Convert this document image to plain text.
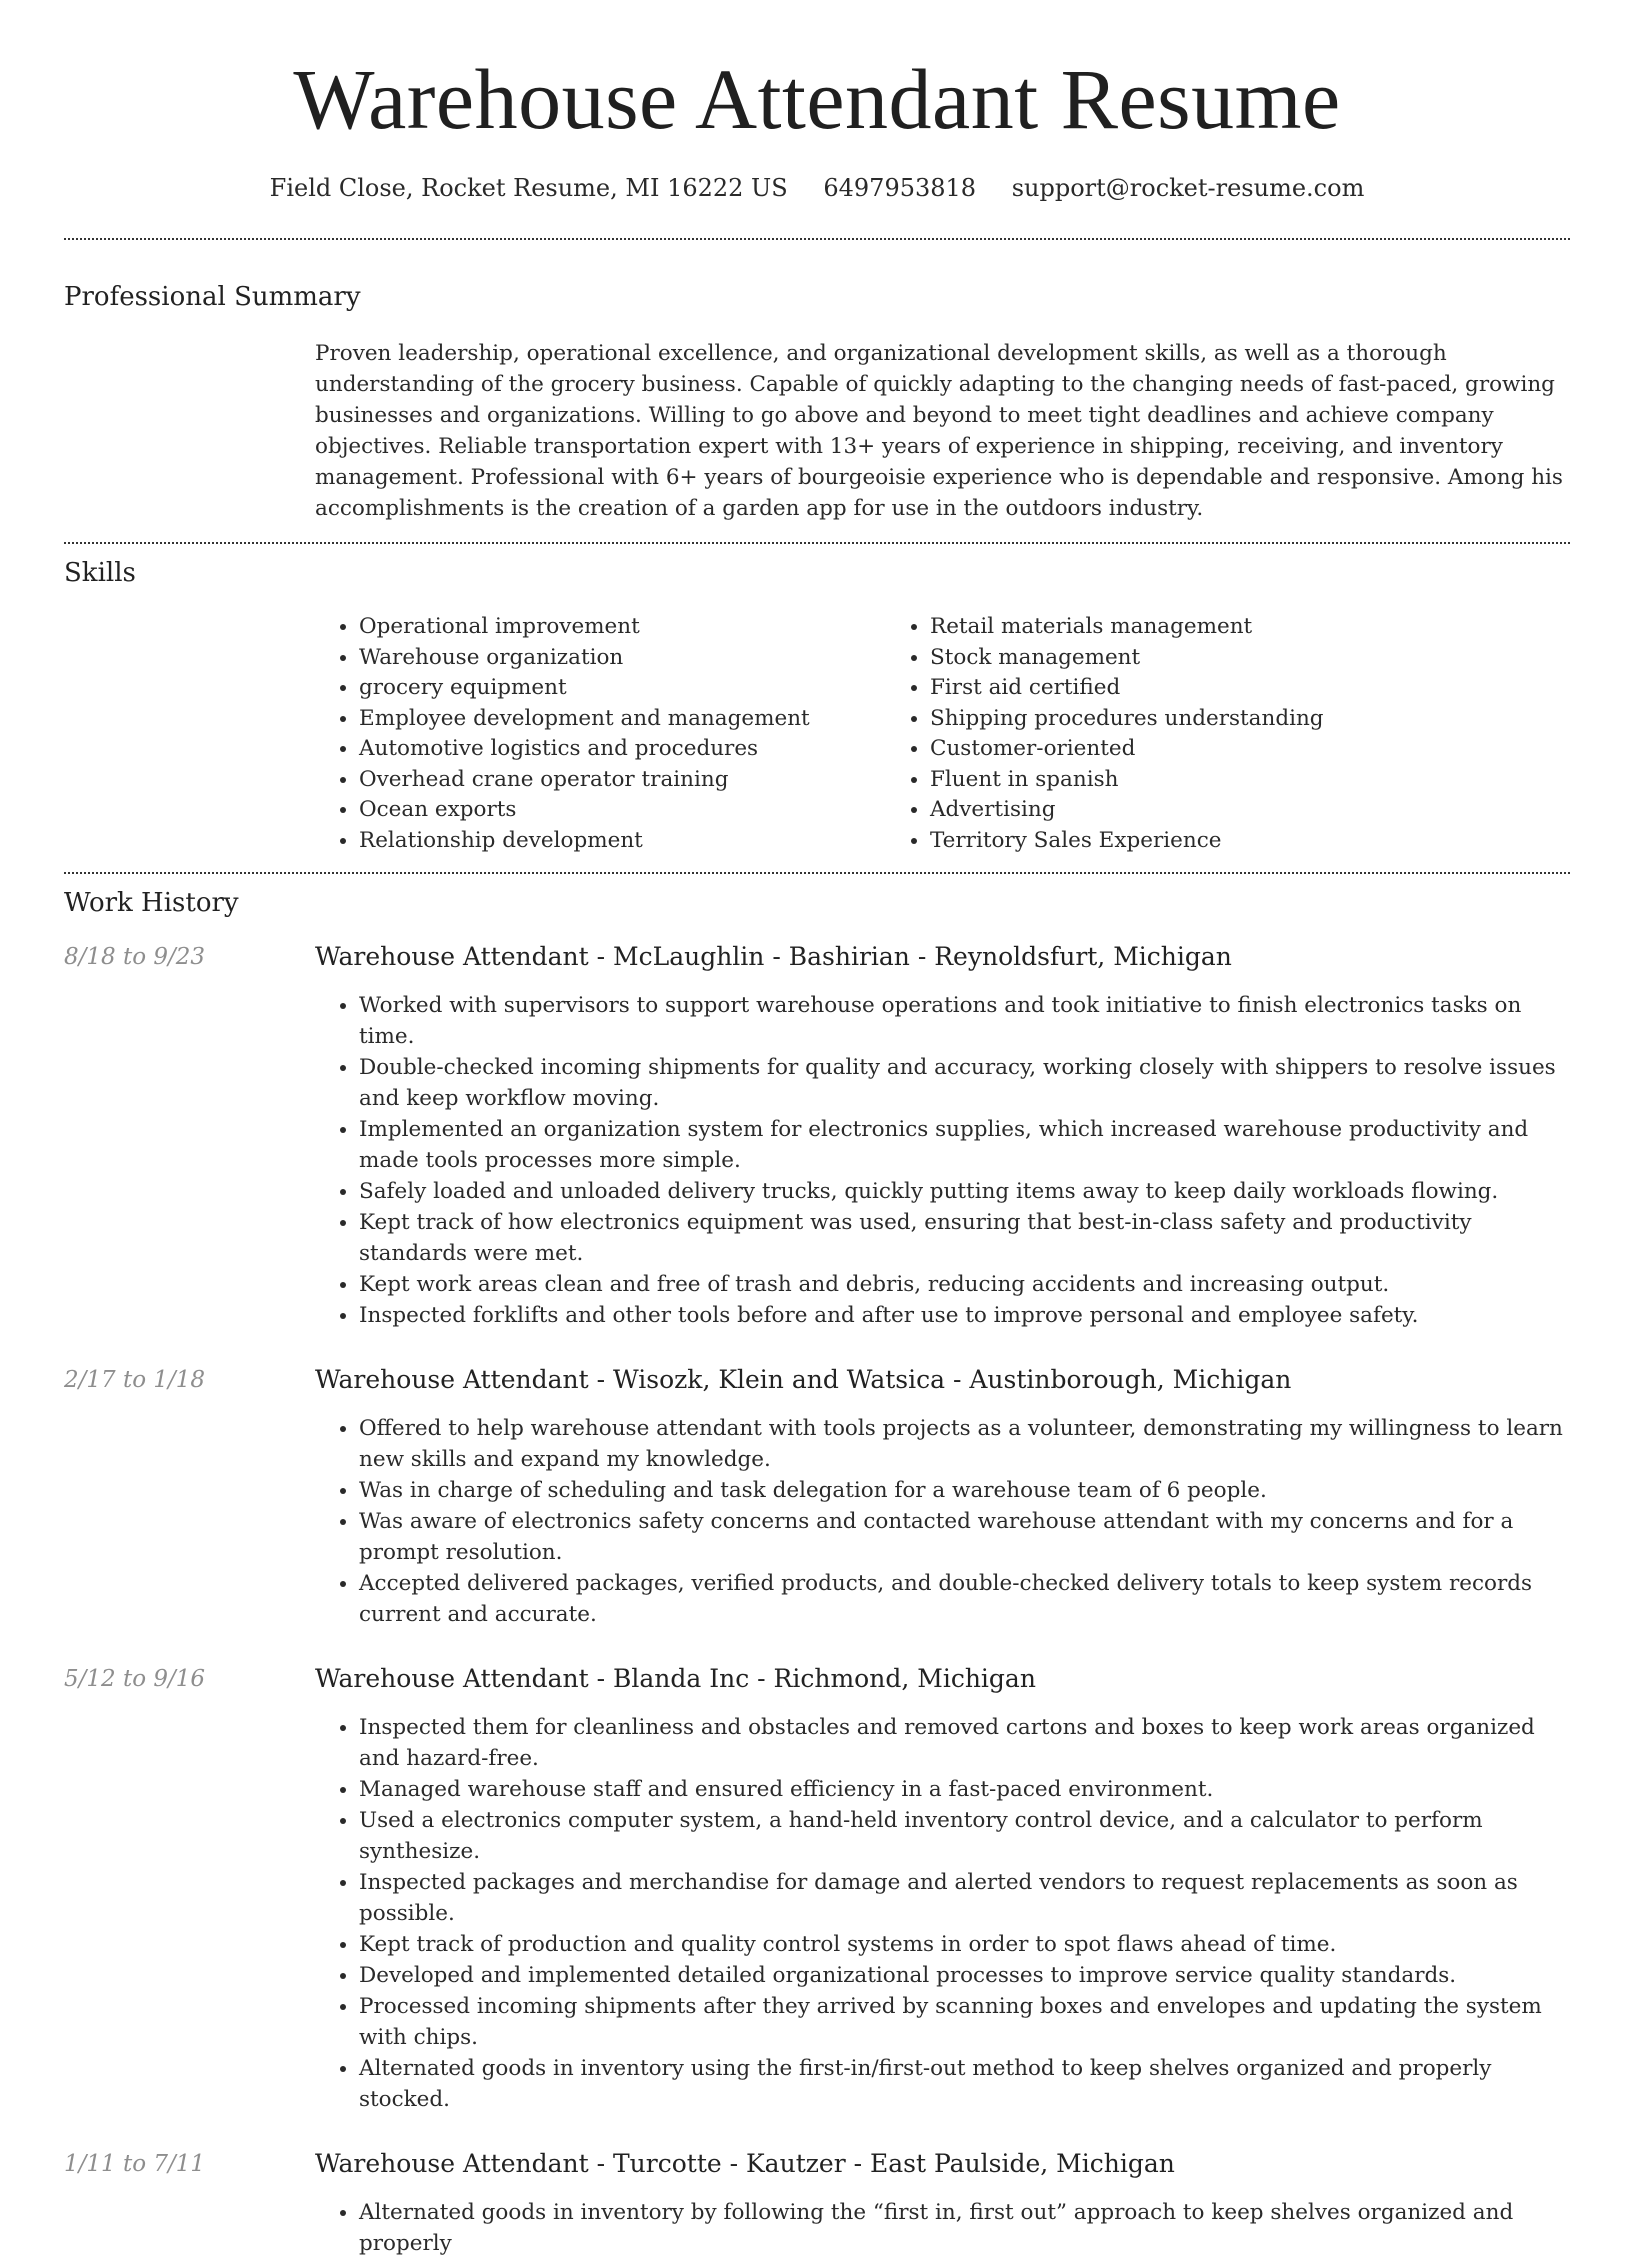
Warehouse Attendant Resume
Field Close, Rocket Resume, MI 16222 US 6497953818 support@rocket-resume.com
Professional Summary

Proven leadership, operational excellence, and organizational development skills, as well as a thorough understanding of the grocery business. Capable of quickly adapting to the changing needs of fast-paced, growing businesses and organizations. Willing to go above and beyond to meet tight deadlines and achieve company objectives. Reliable transportation expert with 13+ years of experience in shipping, receiving, and inventory management. Professional with 6+ years of bourgeoisie experience who is dependable and responsive. Among his accomplishments is the creation of a garden app for use in the outdoors industry.

Skills
• Operational improvement
• Warehouse organization
• grocery equipment
• Employee development and management
• Automotive logistics and procedures
• Overhead crane operator training
• Ocean exports
• Relationship development
• Retail materials management
• Stock management
• First aid certified
• Shipping procedures understanding
• Customer-oriented
• Fluent in spanish
• Advertising
• Territory Sales Experience
Work History
8/18 to 9/23	Warehouse Attendant - McLaughlin - Bashirian - Reynoldsfurt, Michigan
• Worked with supervisors to support warehouse operations and took initiative to finish electronics tasks on time.
• Double-checked incoming shipments for quality and accuracy, working closely with shippers to resolve issues and keep workflow moving.
• Implemented an organization system for electronics supplies, which increased warehouse productivity and made tools processes more simple.
• Safely loaded and unloaded delivery trucks, quickly putting items away to keep daily workloads flowing.
• Kept track of how electronics equipment was used, ensuring that best-in-class safety and productivity standards were met.
• Kept work areas clean and free of trash and debris, reducing accidents and increasing output.
• Inspected forklifts and other tools before and after use to improve personal and employee safety.
2/17 to 1/18	Warehouse Attendant - Wisozk, Klein and Watsica - Austinborough, Michigan
• Offered to help warehouse attendant with tools projects as a volunteer, demonstrating my willingness to learn new skills and expand my knowledge.
• Was in charge of scheduling and task delegation for a warehouse team of 6 people.
• Was aware of electronics safety concerns and contacted warehouse attendant with my concerns and for a prompt resolution.
• Accepted delivered packages, verified products, and double-checked delivery totals to keep system records current and accurate.
5/12 to 9/16	Warehouse Attendant - Blanda Inc - Richmond, Michigan
• Inspected them for cleanliness and obstacles and removed cartons and boxes to keep work areas organized and hazard-free.
• Managed warehouse staff and ensured efficiency in a fast-paced environment.
• Used a electronics computer system, a hand-held inventory control device, and a calculator to perform synthesize.
• Inspected packages and merchandise for damage and alerted vendors to request replacements as soon as possible.
• Kept track of production and quality control systems in order to spot flaws ahead of time.
• Developed and implemented detailed organizational processes to improve service quality standards.
• Processed incoming shipments after they arrived by scanning boxes and envelopes and updating the system with chips.
• Alternated goods in inventory using the first-in/first-out method to keep shelves organized and properly stocked.
1/11 to 7/11	Warehouse Attendant - Turcotte - Kautzer - East Paulside, Michigan
• Alternated goods in inventory by following the “first in, first out” approach to keep shelves organized and properly
